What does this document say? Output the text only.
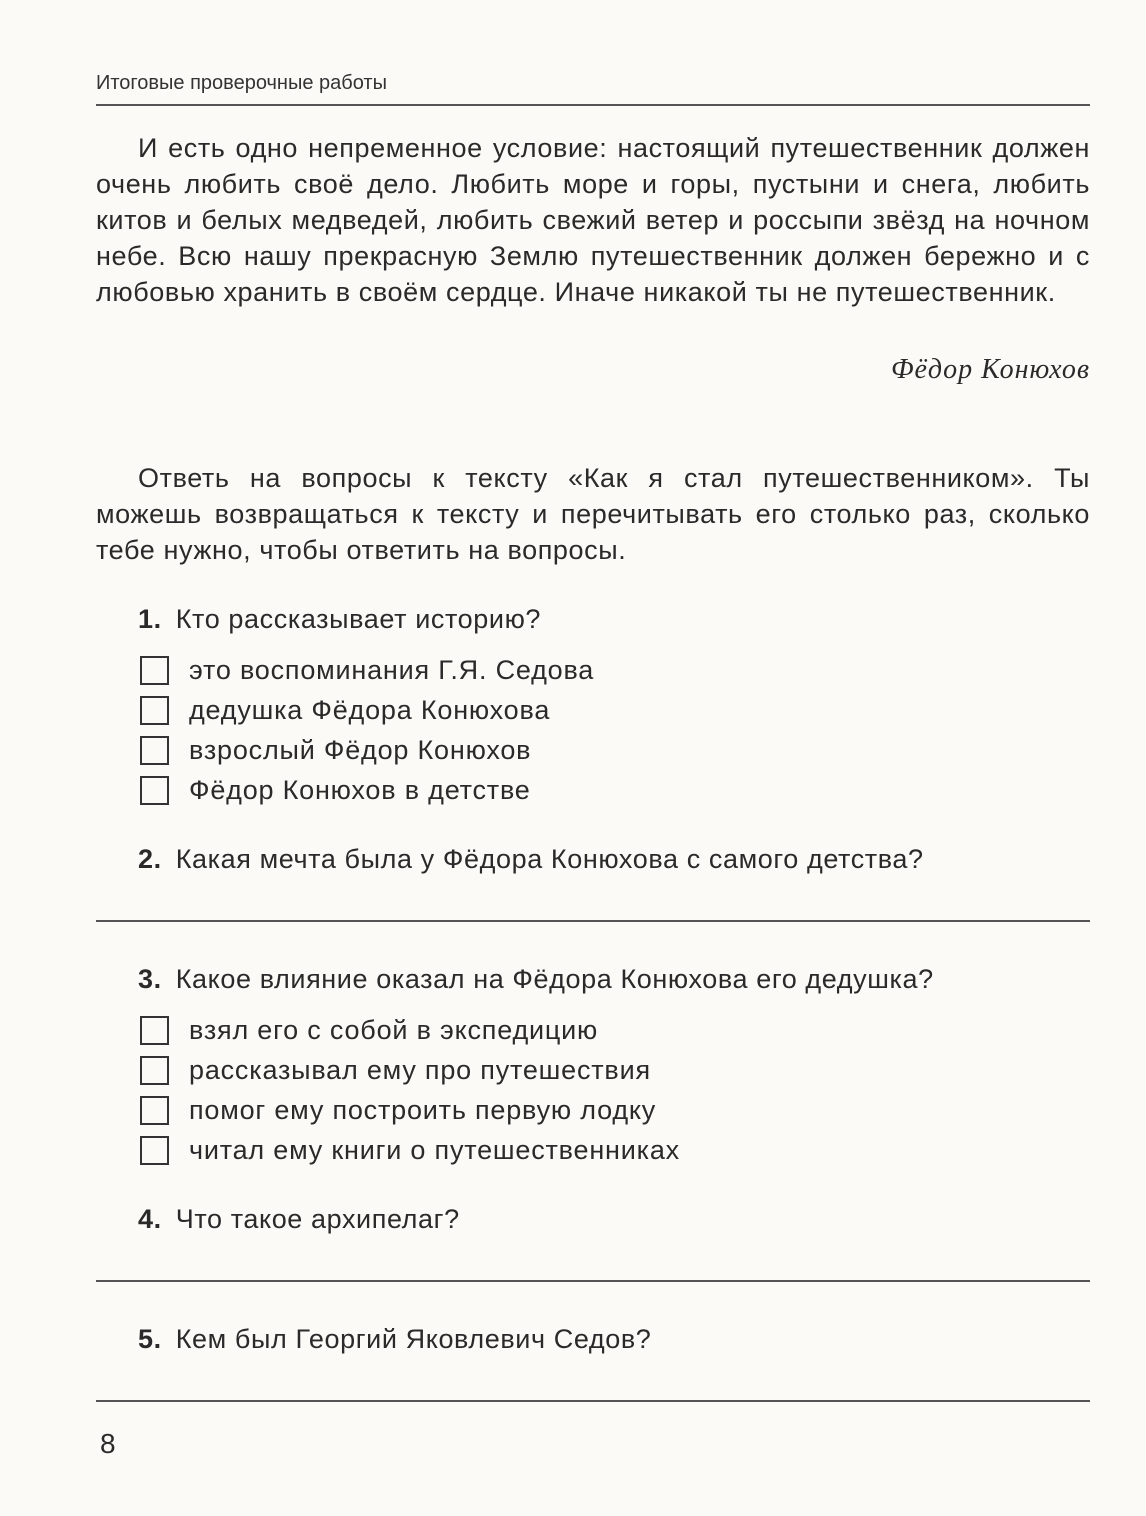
Итоговые проверочные работы
И есть одно непременное условие: настоящий путешественник должен очень любить своё дело. Любить море и горы, пустыни и снега, любить китов и белых медведей, любить свежий ветер и россыпи звёзд на ночном небе. Всю нашу прекрасную Землю путешественник должен бережно и с любовью хранить в своём сердце. Иначе никакой ты не путешественник.
Фёдор Конюхов
Ответь на вопросы к тексту «Как я стал путешественником». Ты можешь возвращаться к тексту и перечитывать его столько раз, сколько тебе нужно, чтобы ответить на вопросы.
1. Кто рассказывает историю?
это воспоминания Г.Я. Седова
дедушка Фёдора Конюхова
взрослый Фёдор Конюхов
Фёдор Конюхов в детстве
2. Какая мечта была у Фёдора Конюхова с самого детства?
3. Какое влияние оказал на Фёдора Конюхова его дедушка?
взял его с собой в экспедицию
рассказывал ему про путешествия
помог ему построить первую лодку
читал ему книги о путешественниках
4. Что такое архипелаг?
5. Кем был Георгий Яковлевич Седов?
8
